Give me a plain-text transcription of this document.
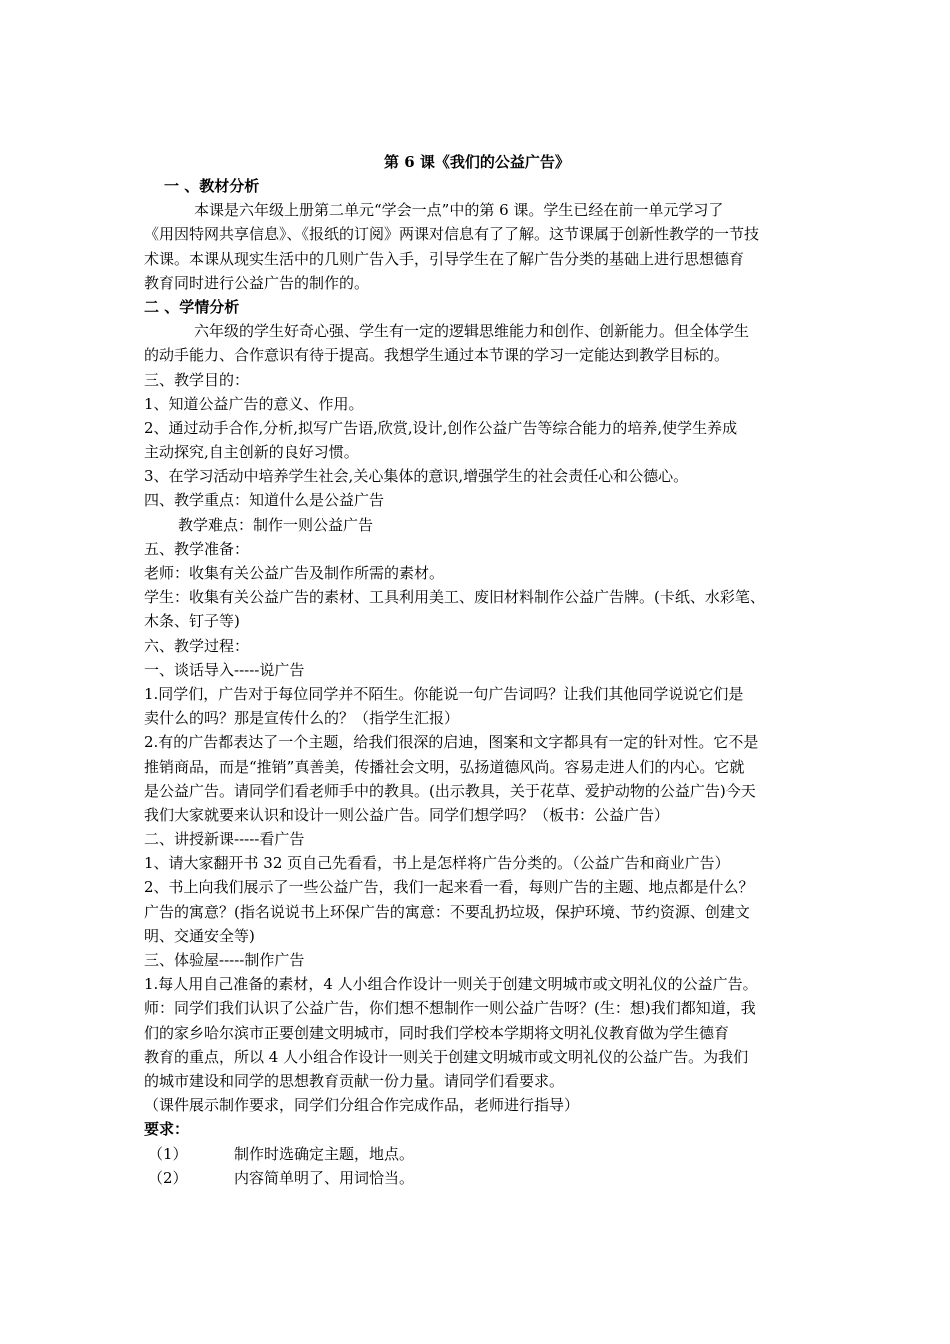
第 6 课《我们的公益广告》
一 、教材分析
本课是六年级上册第二单元“学会一点”中的第 6 课。学生已经在前一单元学习了
《用因特网共享信息》、《报纸的订阅》两课对信息有了了解。这节课属于创新性教学的一节技
术课。本课从现实生活中的几则广告入手，引导学生在了解广告分类的基础上进行思想德育
教育同时进行公益广告的制作的。
二 、学情分析
六年级的学生好奇心强、学生有一定的逻辑思维能力和创作、创新能力。但全体学生
的动手能力、合作意识有待于提高。我想学生通过本节课的学习一定能达到教学目标的。
三、教学目的：
1、知道公益广告的意义、作用。
2、通过动手合作,分析,拟写广告语,欣赏,设计,创作公益广告等综合能力的培养,使学生养成
主动探究,自主创新的良好习惯。
3、在学习活动中培养学生社会,关心集体的意识,增强学生的社会责任心和公德心。
四、教学重点：知道什么是公益广告
教学难点：制作一则公益广告
五、教学准备：
老师：收集有关公益广告及制作所需的素材。
学生：收集有关公益广告的素材、工具利用美工、废旧材料制作公益广告牌。(卡纸、水彩笔、
木条、钉子等)
六、教学过程：
一、谈话导入-----说广告
1.同学们，广告对于每位同学并不陌生。你能说一句广告词吗？让我们其他同学说说它们是
卖什么的吗？那是宣传什么的？（指学生汇报）
2.有的广告都表达了一个主题，给我们很深的启迪，图案和文字都具有一定的针对性。它不是
推销商品，而是“推销”真善美，传播社会文明，弘扬道德风尚。容易走进人们的内心。它就
是公益广告。请同学们看老师手中的教具。(出示教具，关于花草、爱护动物的公益广告)今天
我们大家就要来认识和设计一则公益广告。同学们想学吗？（板书：公益广告）
二、讲授新课-----看广告
1、请大家翻开书 32 页自己先看看，书上是怎样将广告分类的。（公益广告和商业广告）
2、书上向我们展示了一些公益广告，我们一起来看一看，每则广告的主题、地点都是什么？
广告的寓意？(指名说说书上环保广告的寓意：不要乱扔垃圾，保护环境、节约资源、创建文
明、交通安全等)
三、体验屋-----制作广告
1.每人用自己准备的素材，4 人小组合作设计一则关于创建文明城市或文明礼仪的公益广告。
师：同学们我们认识了公益广告，你们想不想制作一则公益广告呀？(生：想)我们都知道，我
们的家乡哈尔滨市正要创建文明城市，同时我们学校本学期将文明礼仪教育做为学生德育
教育的重点，所以 4 人小组合作设计一则关于创建文明城市或文明礼仪的公益广告。为我们
的城市建设和同学的思想教育贡献一份力量。请同学们看要求。
（课件展示制作要求，同学们分组合作完成作品，老师进行指导）
要求：
（1）	制作时选确定主题，地点。
（2）	内容简单明了、用词恰当。
